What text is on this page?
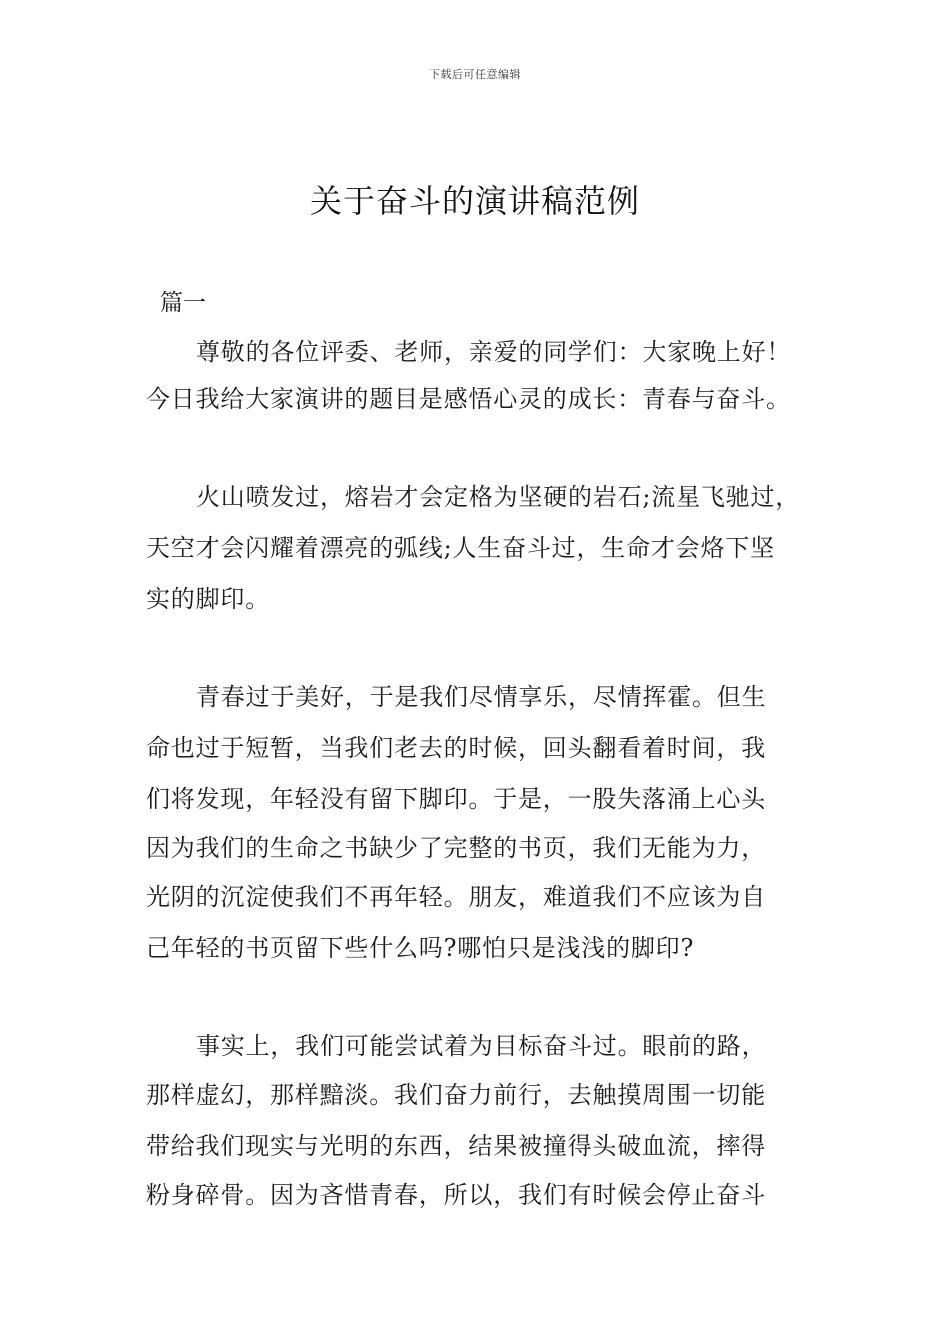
下载后可任意编辑
关于奋斗的演讲稿范例
篇一
尊敬的各位评委、老师，亲爱的同学们：大家晚上好！
今日我给大家演讲的题目是感悟心灵的成长：青春与奋斗。
火山喷发过，熔岩才会定格为坚硬的岩石;流星飞驰过，
天空才会闪耀着漂亮的弧线;人生奋斗过，生命才会烙下坚
实的脚印。
青春过于美好，于是我们尽情享乐，尽情挥霍。但生
命也过于短暂，当我们老去的时候，回头翻看着时间，我
们将发现，年轻没有留下脚印。于是，一股失落涌上心头
因为我们的生命之书缺少了完整的书页，我们无能为力，
光阴的沉淀使我们不再年轻。朋友，难道我们不应该为自
己年轻的书页留下些什么吗?哪怕只是浅浅的脚印?
事实上，我们可能尝试着为目标奋斗过。眼前的路，
那样虚幻，那样黯淡。我们奋力前行，去触摸周围一切能
带给我们现实与光明的东西，结果被撞得头破血流，摔得
粉身碎骨。因为吝惜青春，所以，我们有时候会停止奋斗
